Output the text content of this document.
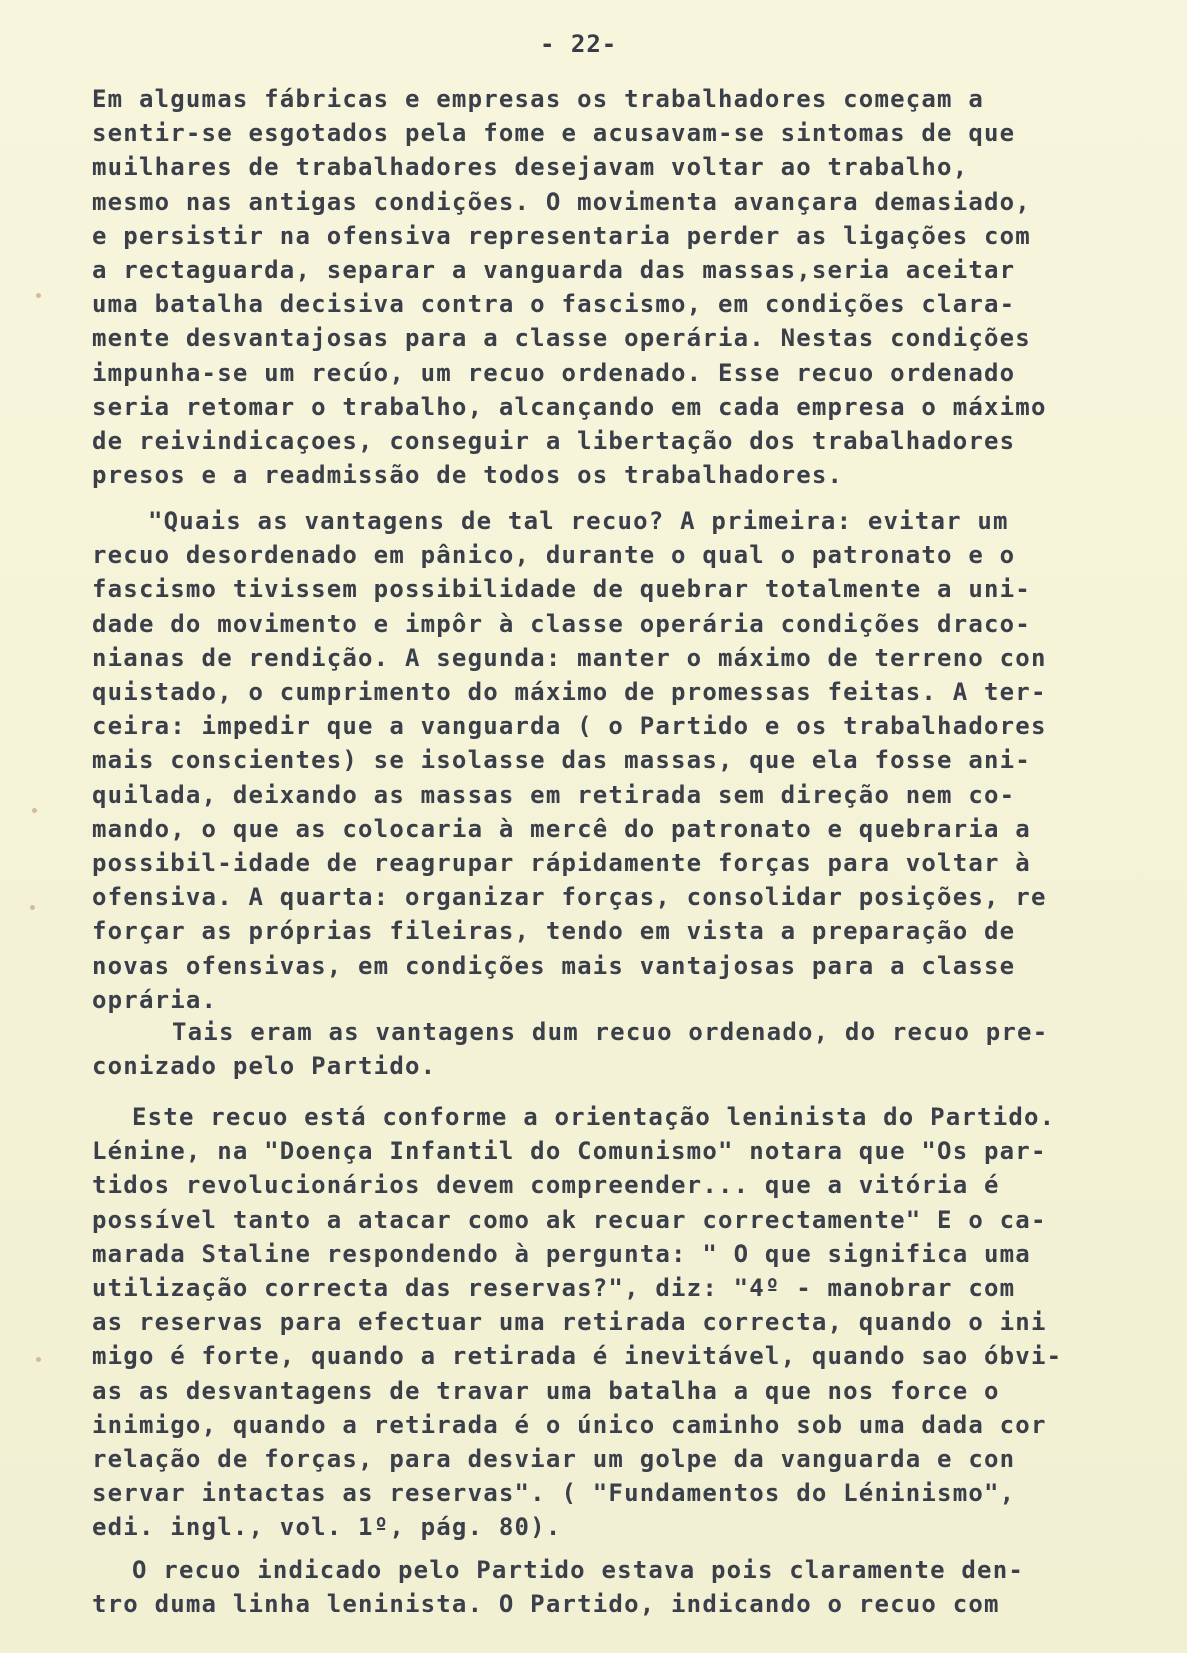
- 22-
Em algumas fábricas e empresas os trabalhadores começam a
sentir-se esgotados pela fome e acusavam-se sintomas de que
muilhares de trabalhadores desejavam voltar ao trabalho,
mesmo nas antigas condições. O movimenta avançara demasiado,
e persistir na ofensiva representaria perder as ligações com
a rectaguarda, separar a vanguarda das massas,seria aceitar
uma batalha decisiva contra o fascismo, em condições clara-
mente desvantajosas para a classe operária. Nestas condições
impunha-se um recúo, um recuo ordenado. Esse recuo ordenado
seria retomar o trabalho, alcançando em cada empresa o máximo
de reivindicaçoes, conseguir a libertação dos trabalhadores
presos e a readmissão de todos os trabalhadores.
"Quais as vantagens de tal recuo? A primeira: evitar um
recuo desordenado em pânico, durante o qual o patronato e o
fascismo tivissem possibilidade de quebrar totalmente a uni-
dade do movimento e impôr à classe operária condições draco-
nianas de rendição. A segunda: manter o máximo de terreno con
quistado, o cumprimento do máximo de promessas feitas. A ter-
ceira: impedir que a vanguarda ( o Partido e os trabalhadores
mais conscientes) se isolasse das massas, que ela fosse ani-
quilada, deixando as massas em retirada sem direção nem co-
mando, o que as colocaria à mercê do patronato e quebraria a
possibil-idade de reagrupar rápidamente forças para voltar à
ofensiva. A quarta: organizar forças, consolidar posições, re
forçar as próprias fileiras, tendo em vista a preparação de
novas ofensivas, em condições mais vantajosas para a classe
oprária.
Tais eram as vantagens dum recuo ordenado, do recuo pre-
conizado pelo Partido.
Este recuo está conforme a orientação leninista do Partido.
Lénine, na "Doença Infantil do Comunismo" notara que "Os par-
tidos revolucionários devem compreender... que a vitória é
possível tanto a atacar como ak recuar correctamente" E o ca-
marada Staline respondendo à pergunta: " O que significa uma
utilização correcta das reservas?", diz: "4º - manobrar com
as reservas para efectuar uma retirada correcta, quando o ini
migo é forte, quando a retirada é inevitável, quando sao óbvi-
as as desvantagens de travar uma batalha a que nos force o
inimigo, quando a retirada é o único caminho sob uma dada cor
relação de forças, para desviar um golpe da vanguarda e con
servar intactas as reservas". ( "Fundamentos do Léninismo",
edi. ingl., vol. 1º, pág. 80).
O recuo indicado pelo Partido estava pois claramente den-
tro duma linha leninista. O Partido, indicando o recuo com
